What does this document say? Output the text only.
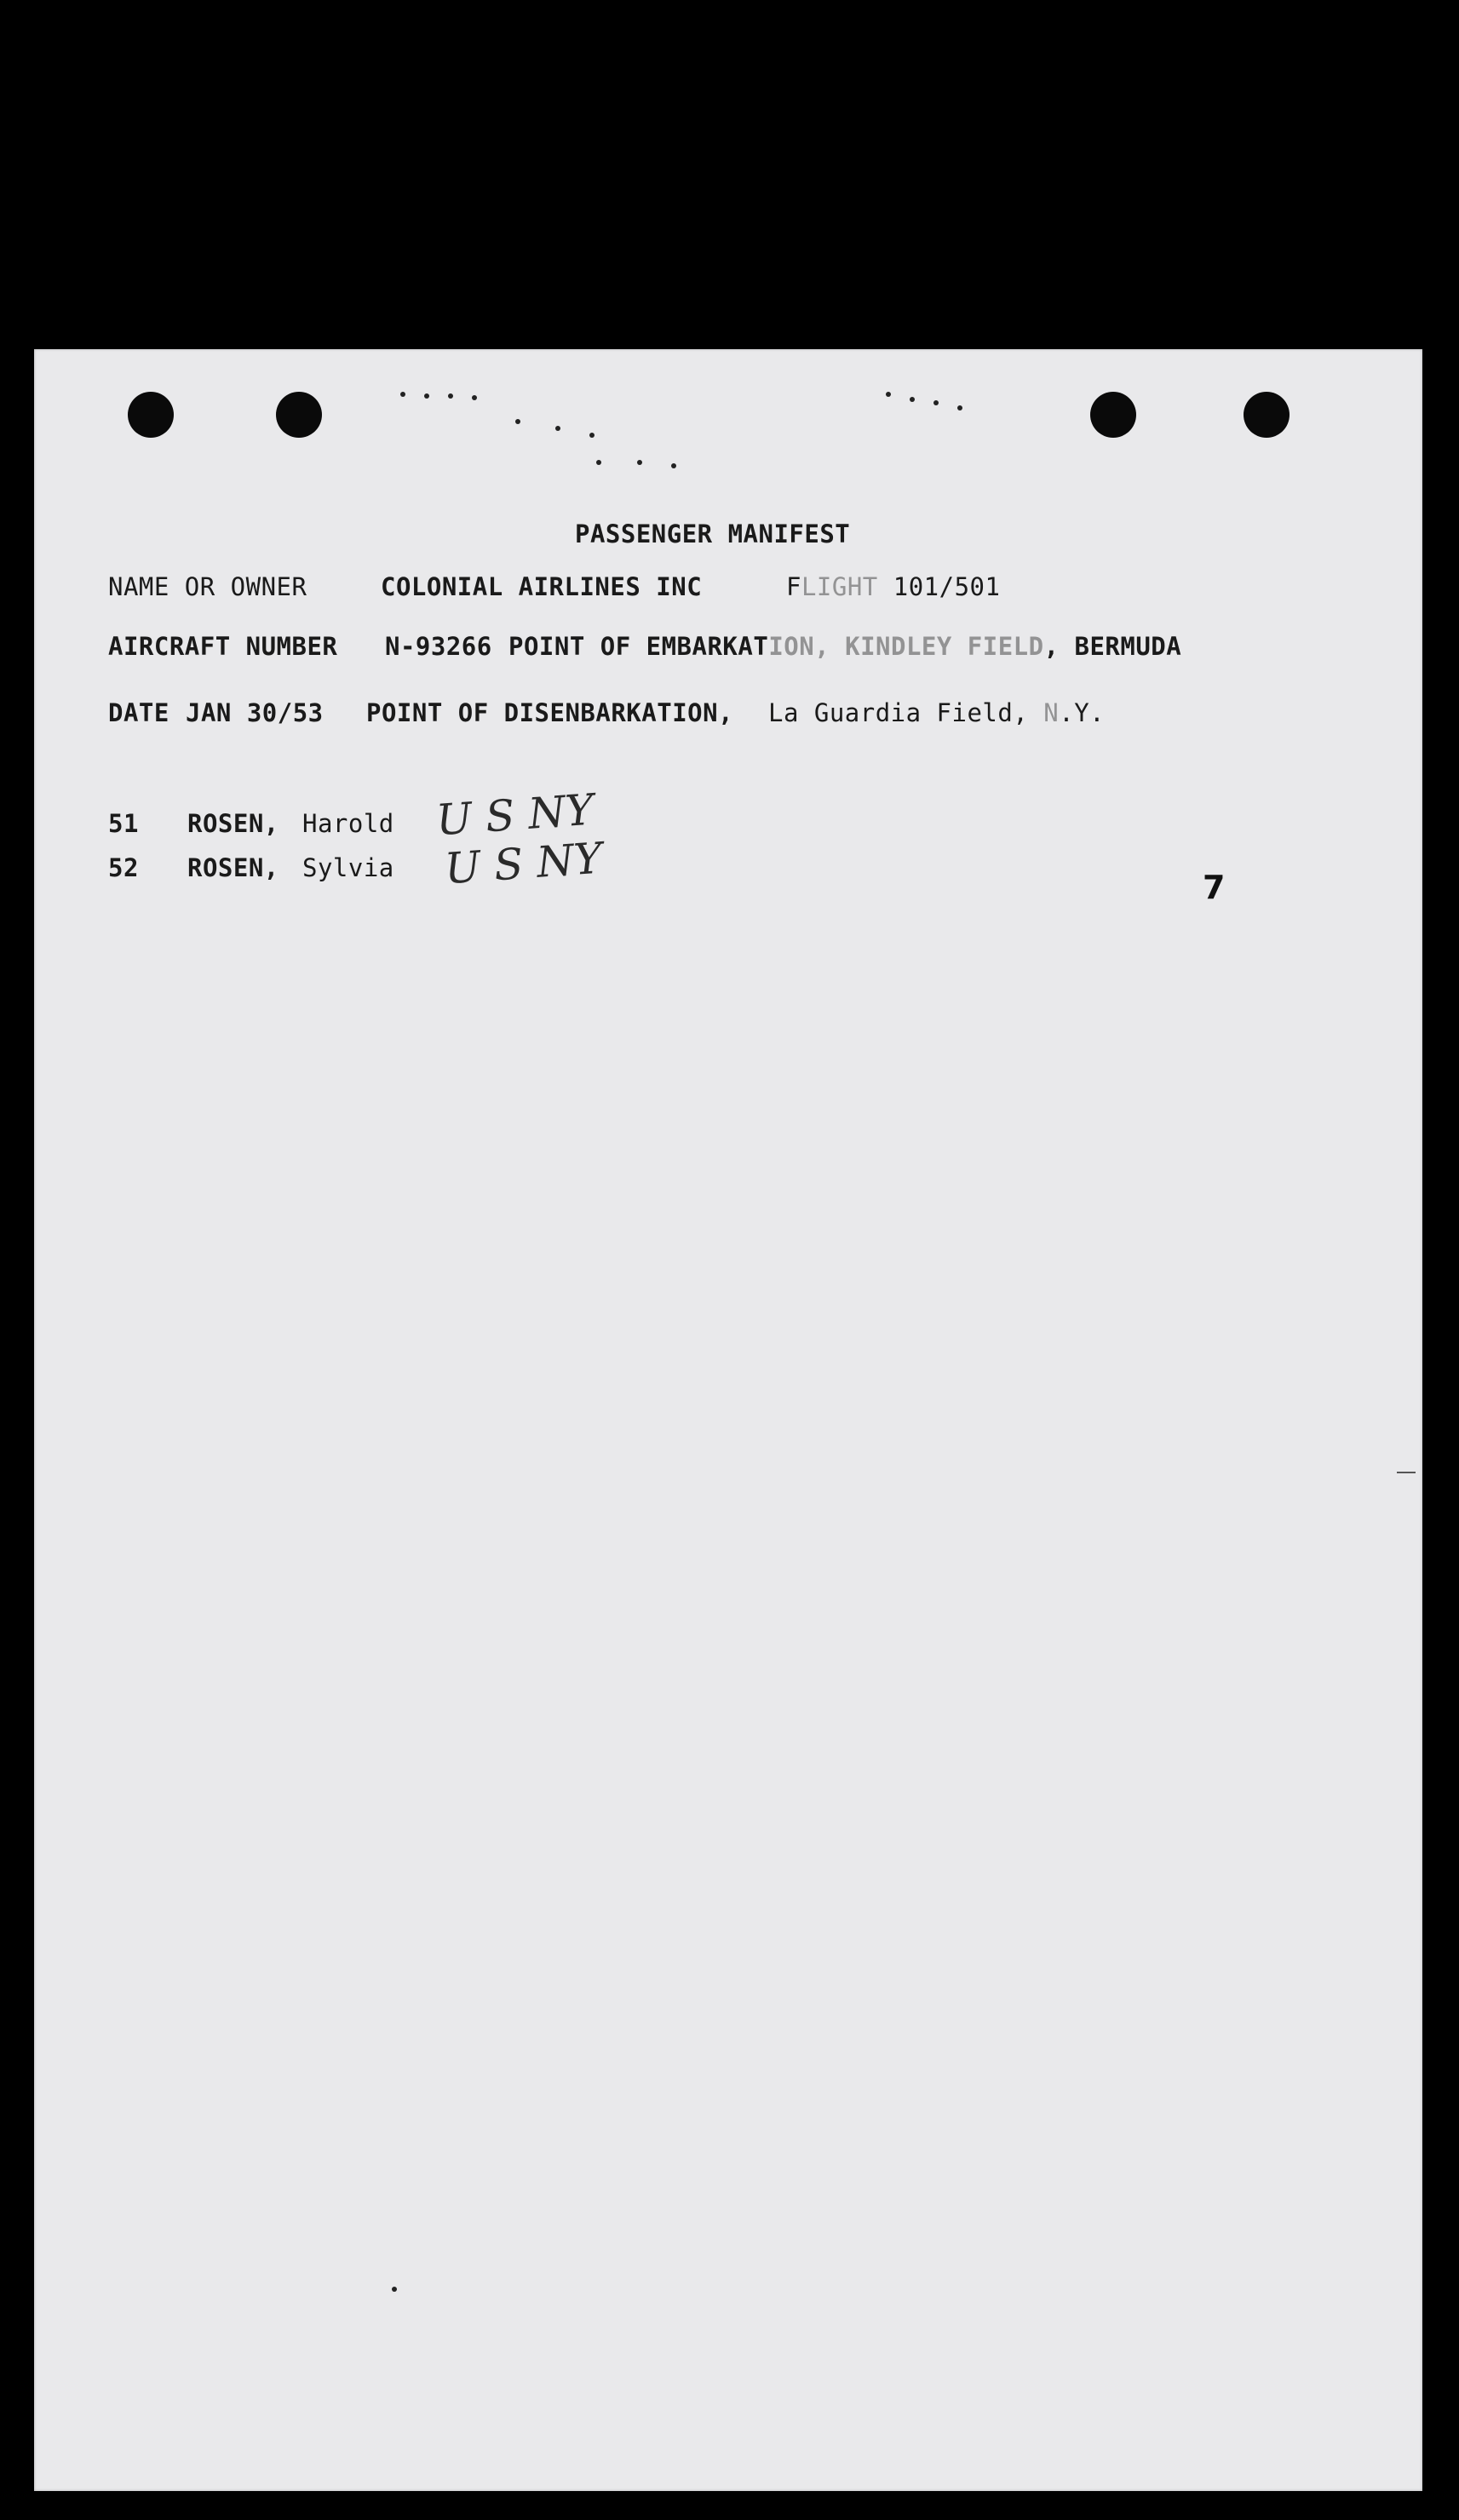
PASSENGER MANIFEST
NAME OR OWNER	COLONIAL AIRLINES INC	FLIGHT 101/501
AIRCRAFT NUMBER N-93266 POINT OF EMBARKATION, KINDLEY FIELD, BERMUDA
DATE JAN 30/53 POINT OF DISENBARKATION, La Guardia Field, N.Y.
51 ROSEN, Harold U S NY
52 ROSEN, Sylvia U S NY	7
